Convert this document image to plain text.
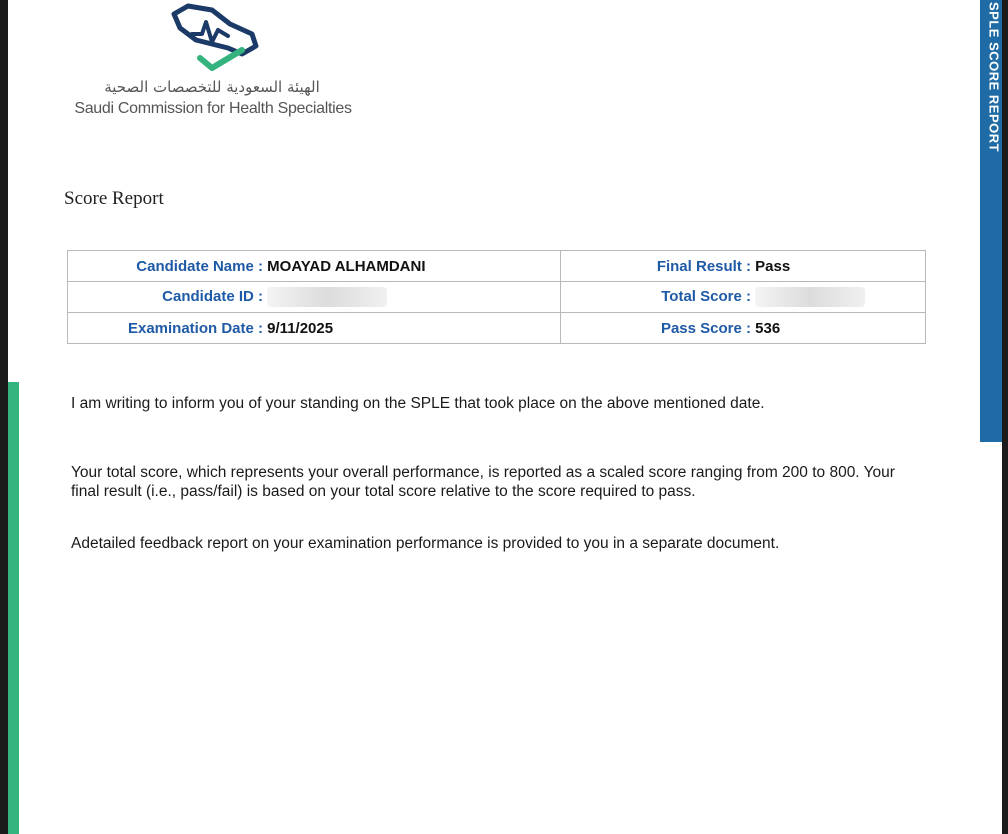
SPLE SCORE REPORT
الهيئة السعودية للتخصصات الصحية
Saudi Commission for Health Specialties
Score Report
Candidate Name : MOAYAD ALHAMDANI	Final Result : Pass
Candidate ID :	Total Score :
Examination Date : 9/11/2025	Pass Score : 536
I am writing to inform you of your standing on the SPLE that took place on the above mentioned date.
Your total score, which represents your overall performance, is reported as a scaled score ranging from 200 to 800. Your final result (i.e., pass/fail) is based on your total score relative to the score required to pass.
Adetailed feedback report on your examination performance is provided to you in a separate document.
